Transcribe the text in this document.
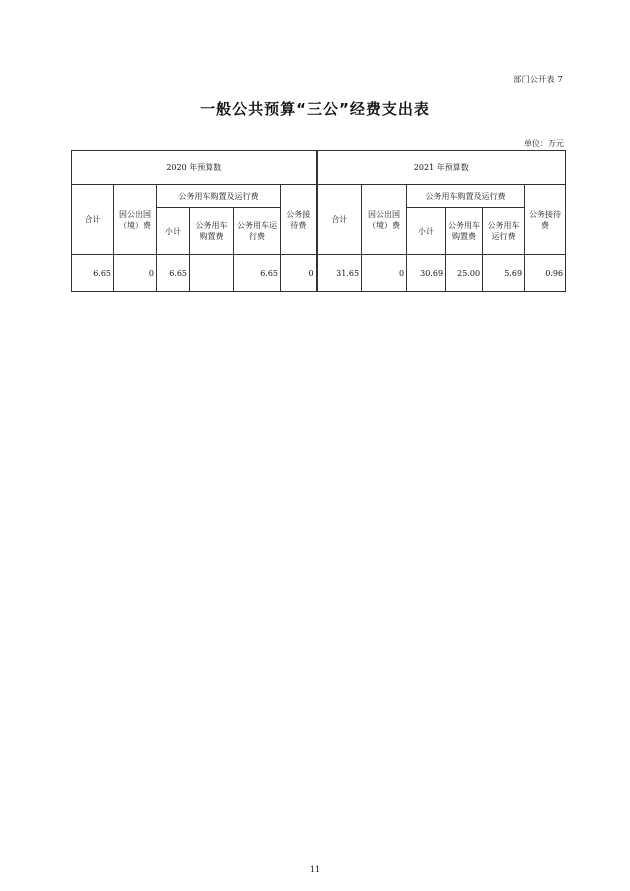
部门公开表 7
一般公共预算“三公”经费支出表
单位：万元
2020 年预算数						2021 年预算数					
合计	因公出国（境）费	公务用车购置及运行费			公务接待费	合计	因公出国（境）费	公务用车购置及运行费			公务接待费
		小计	公务用车购置费	公务用车运行费				小计	公务用车购置费	公务用车运行费	
6.65	0	6.65		6.65	0	31.65	0	30.69	25.00	5.69	0.96
11
